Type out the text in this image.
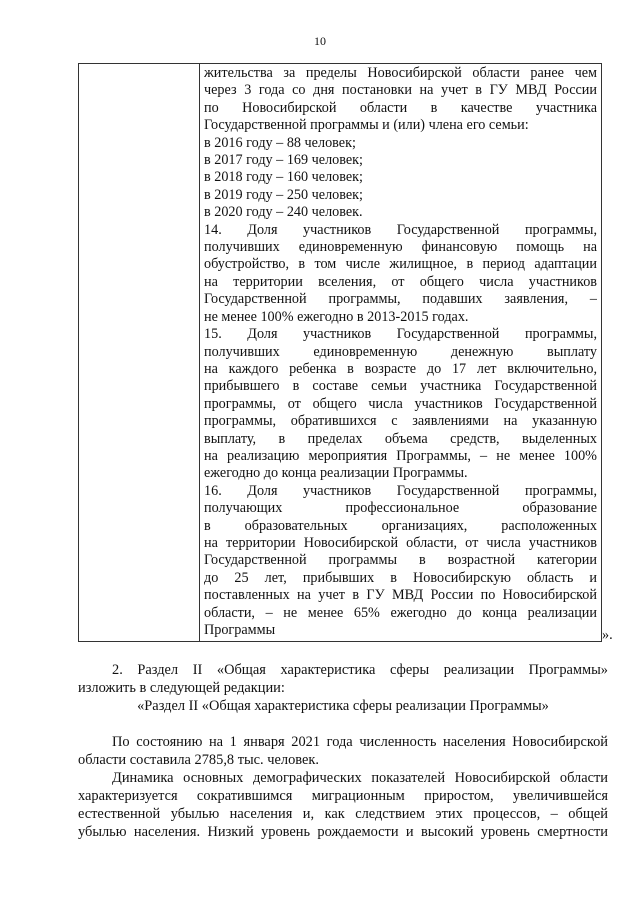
10

жительства за пределы Новосибирской области ранее чем
через 3 года со дня постановки на учет в ГУ МВД России
по Новосибирской области в качестве участника
Государственной программы и (или) члена его семьи:
в 2016 году – 88 человек;
в 2017 году – 169 человек;
в 2018 году – 160 человек;
в 2019 году – 250 человек;
в 2020 году – 240 человек.
14. Доля участников Государственной программы,
получивших единовременную финансовую помощь на
обустройство, в том числе жилищное, в период адаптации
на территории вселения, от общего числа участников
Государственной программы, подавших заявления, –
не менее 100% ежегодно в 2013-2015 годах.
15. Доля участников Государственной программы,
получивших единовременную денежную выплату
на каждого ребенка в возрасте до 17 лет включительно,
прибывшего в составе семьи участника Государственной
программы, от общего числа участников Государственной
программы, обратившихся с заявлениями на указанную
выплату, в пределах объема средств, выделенных
на реализацию мероприятия Программы, – не менее 100%
ежегодно до конца реализации Программы.
16. Доля участников Государственной программы,
получающих профессиональное образование
в образовательных организациях, расположенных
на территории Новосибирской области, от числа участников
Государственной программы в возрастной категории
до 25 лет, прибывших в Новосибирскую область и
поставленных на учет в ГУ МВД России по Новосибирской
области, – не менее 65% ежегодно до конца реализации
Программы	».
2. Раздел II «Общая характеристика сферы реализации Программы»
изложить в следующей редакции:
«Раздел II «Общая характеристика сферы реализации Программы»
По состоянию на 1 января 2021 года численность населения Новосибирской
области составила 2785,8 тыс. человек.
Динамика основных демографических показателей Новосибирской области
характеризуется сократившимся миграционным приростом, увеличившейся
естественной убылью населения и, как следствием этих процессов, – общей
убылью населения. Низкий уровень рождаемости и высокий уровень смертности
